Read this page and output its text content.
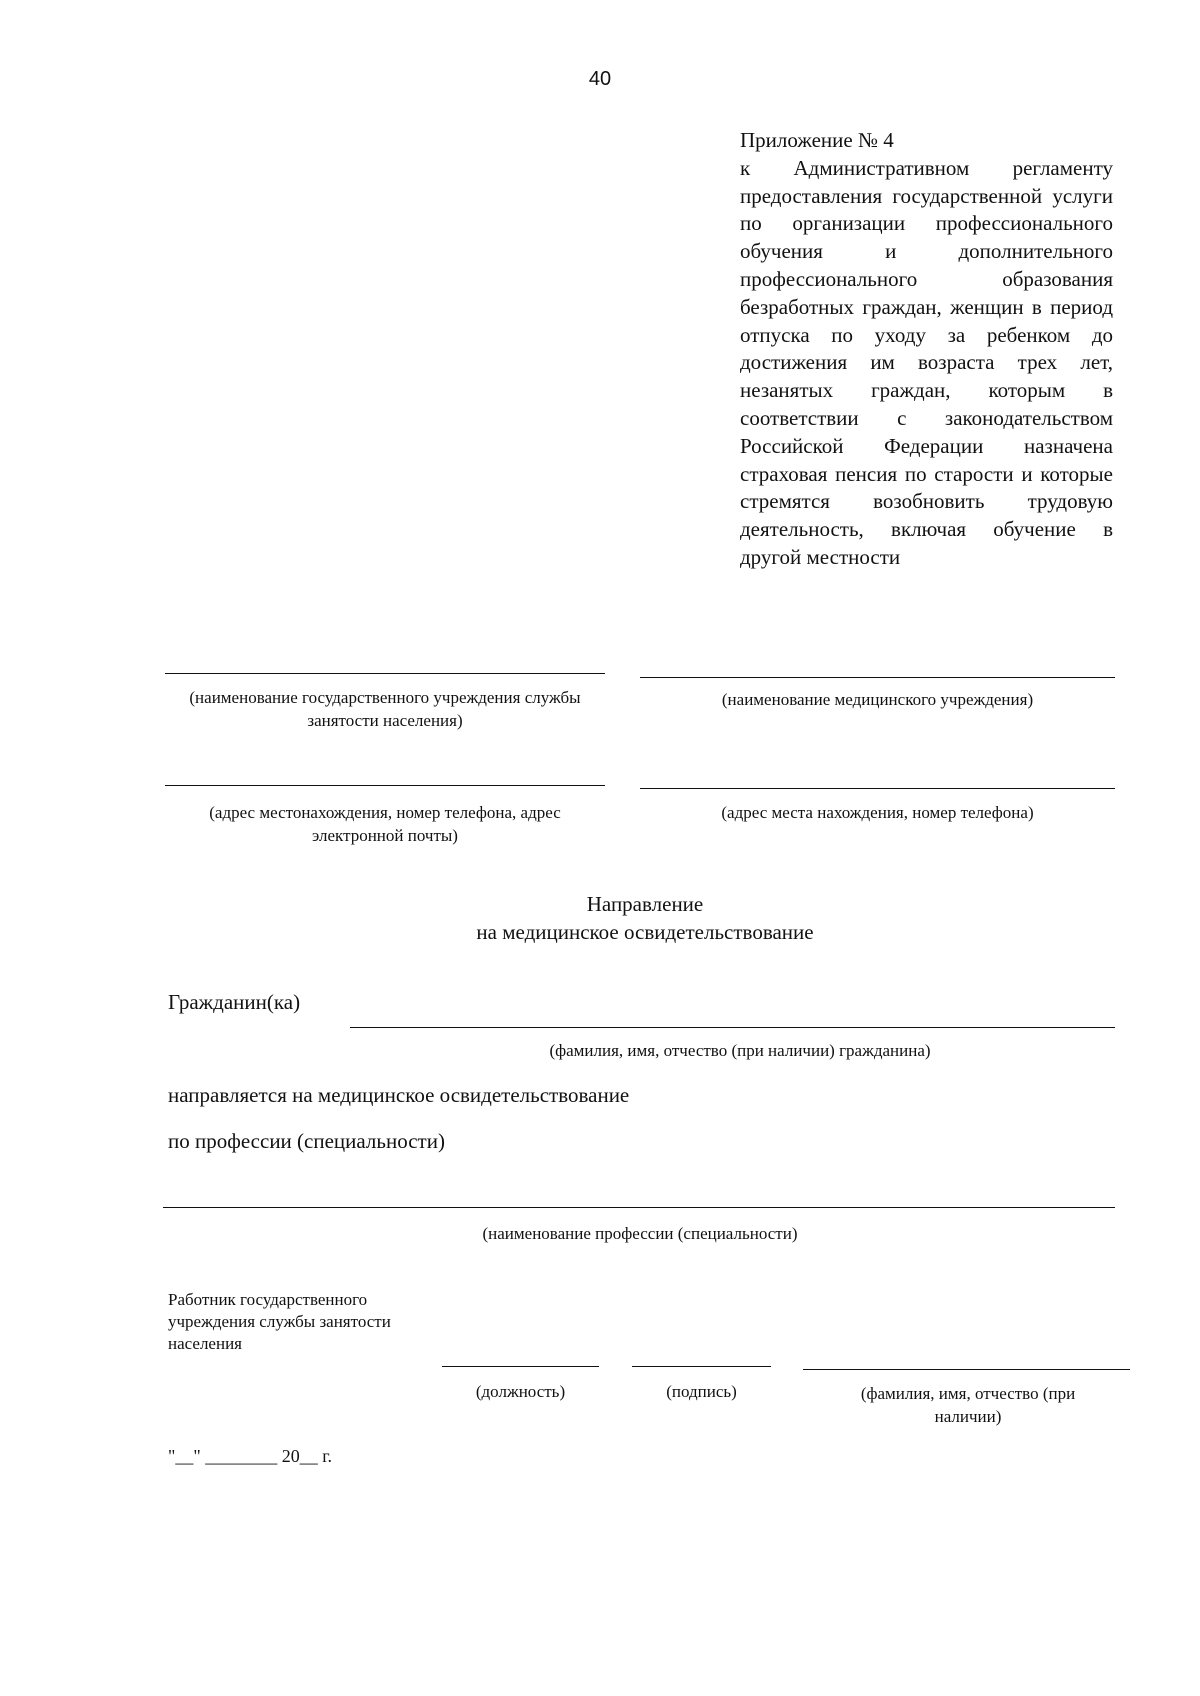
40
Приложение № 4
к Административном регламенту предоставления государственной услуги по организации профессионального обучения и дополнительного профессионального образования безработных граждан, женщин в период отпуска по уходу за ребенком до достижения им возраста трех лет, незанятых граждан, которым в соответствии с законодательством Российской Федерации назначена страховая пенсия по старости и которые стремятся возобновить трудовую деятельность, включая обучение в другой местности
(наименование государственного учреждения службы занятости населения)
(наименование медицинского учреждения)
(адрес местонахождения, номер телефона, адрес электронной почты)
(адрес места нахождения, номер телефона)
Направление
на медицинское освидетельствование
Гражданин(ка)
(фамилия, имя, отчество (при наличии) гражданина)
направляется на медицинское освидетельствование
по профессии (специальности)
(наименование профессии (специальности)
Работник государственного учреждения службы занятости населения
(должность)	(подпись)	(фамилия, имя, отчество (при наличии)
"__" ________ 20__ г.
